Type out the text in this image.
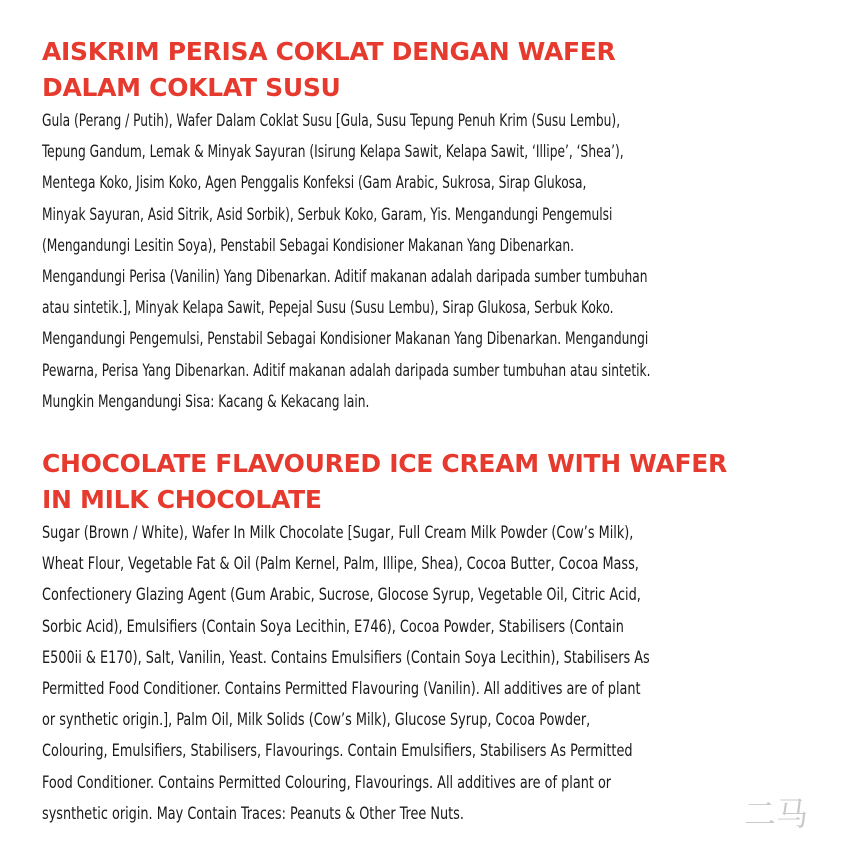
AISKRIM PERISA COKLAT DENGAN WAFER
DALAM COKLAT SUSU

Gula (Perang / Putih), Wafer Dalam Coklat Susu [Gula, Susu Tepung Penuh Krim (Susu Lembu),
Tepung Gandum, Lemak & Minyak Sayuran (Isirung Kelapa Sawit, Kelapa Sawit, ‘Illipe’, ‘Shea’),
Mentega Koko, Jisim Koko, Agen Penggalis Konfeksi (Gam Arabic, Sukrosa, Sirap Glukosa,
Minyak Sayuran, Asid Sitrik, Asid Sorbik), Serbuk Koko, Garam, Yis. Mengandungi Pengemulsi
(Mengandungi Lesitin Soya), Penstabil Sebagai Kondisioner Makanan Yang Dibenarkan.
Mengandungi Perisa (Vanilin) Yang Dibenarkan. Aditif makanan adalah daripada sumber tumbuhan
atau sintetik.], Minyak Kelapa Sawit, Pepejal Susu (Susu Lembu), Sirap Glukosa, Serbuk Koko.
Mengandungi Pengemulsi, Penstabil Sebagai Kondisioner Makanan Yang Dibenarkan. Mengandungi
Pewarna, Perisa Yang Dibenarkan. Aditif makanan adalah daripada sumber tumbuhan atau sintetik.
Mungkin Mengandungi Sisa: Kacang & Kekacang lain.

CHOCOLATE FLAVOURED ICE CREAM WITH WAFER
IN MILK CHOCOLATE

Sugar (Brown / White), Wafer In Milk Chocolate [Sugar, Full Cream Milk Powder (Cow’s Milk),
Wheat Flour, Vegetable Fat & Oil (Palm Kernel, Palm, Illipe, Shea), Cocoa Butter, Cocoa Mass,
Confectionery Glazing Agent (Gum Arabic, Sucrose, Glocose Syrup, Vegetable Oil, Citric Acid,
Sorbic Acid), Emulsifiers (Contain Soya Lecithin, E746), Cocoa Powder, Stabilisers (Contain
E500ii & E170), Salt, Vanilin, Yeast. Contains Emulsifiers (Contain Soya Lecithin), Stabilisers As
Permitted Food Conditioner. Contains Permitted Flavouring (Vanilin). All additives are of plant
or synthetic origin.], Palm Oil, Milk Solids (Cow’s Milk), Glucose Syrup, Cocoa Powder,
Colouring, Emulsifiers, Stabilisers, Flavourings. Contain Emulsifiers, Stabilisers As Permitted
Food Conditioner. Contains Permitted Colouring, Flavourings. All additives are of plant or
sysnthetic origin. May Contain Traces: Peanuts & Other Tree Nuts.	二马
